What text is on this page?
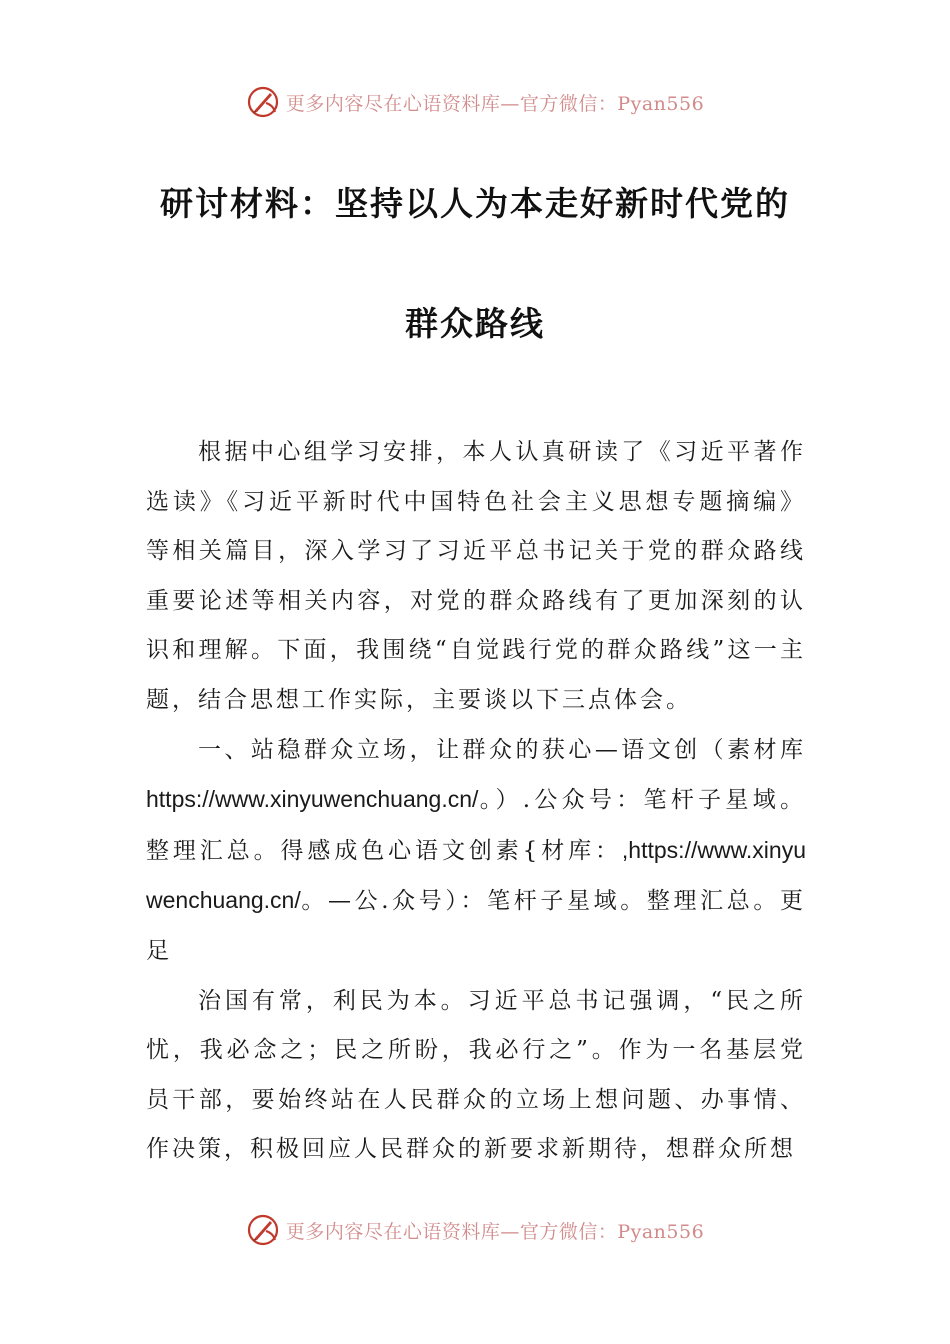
更多内容尽在心语资料库—官方微信：Pyan556
研讨材料：坚持以人为本走好新时代党的
群众路线

根据中心组学习安排，本人认真研读了《习近平著作选读》《习近平新时代中国特色社会主义思想专题摘编》等相关篇目，深入学习了习近平总书记关于党的群众路线重要论述等相关内容，对党的群众路线有了更加深刻的认识和理解。下面，我围绕“自觉践行党的群众路线”这一主题，结合思想工作实际，主要谈以下三点体会。

一、站稳群众立场，让群众的获心—语文创（素材库https://www.xinyuwenchuang.cn/。）.公众号：笔杆子星域。整理汇总。得感成色心语文创素{材库：,https://www.xinyuwenchuang.cn/。—公.众号）：笔杆子星域。整理汇总。更足

治国有常，利民为本。习近平总书记强调，“民之所忧，我必念之；民之所盼，我必行之”。作为一名基层党员干部，要始终站在人民群众的立场上想问题、办事情、作决策，积极回应人民群众的新要求新期待，想群众所想

更多内容尽在心语资料库—官方微信：Pyan556
